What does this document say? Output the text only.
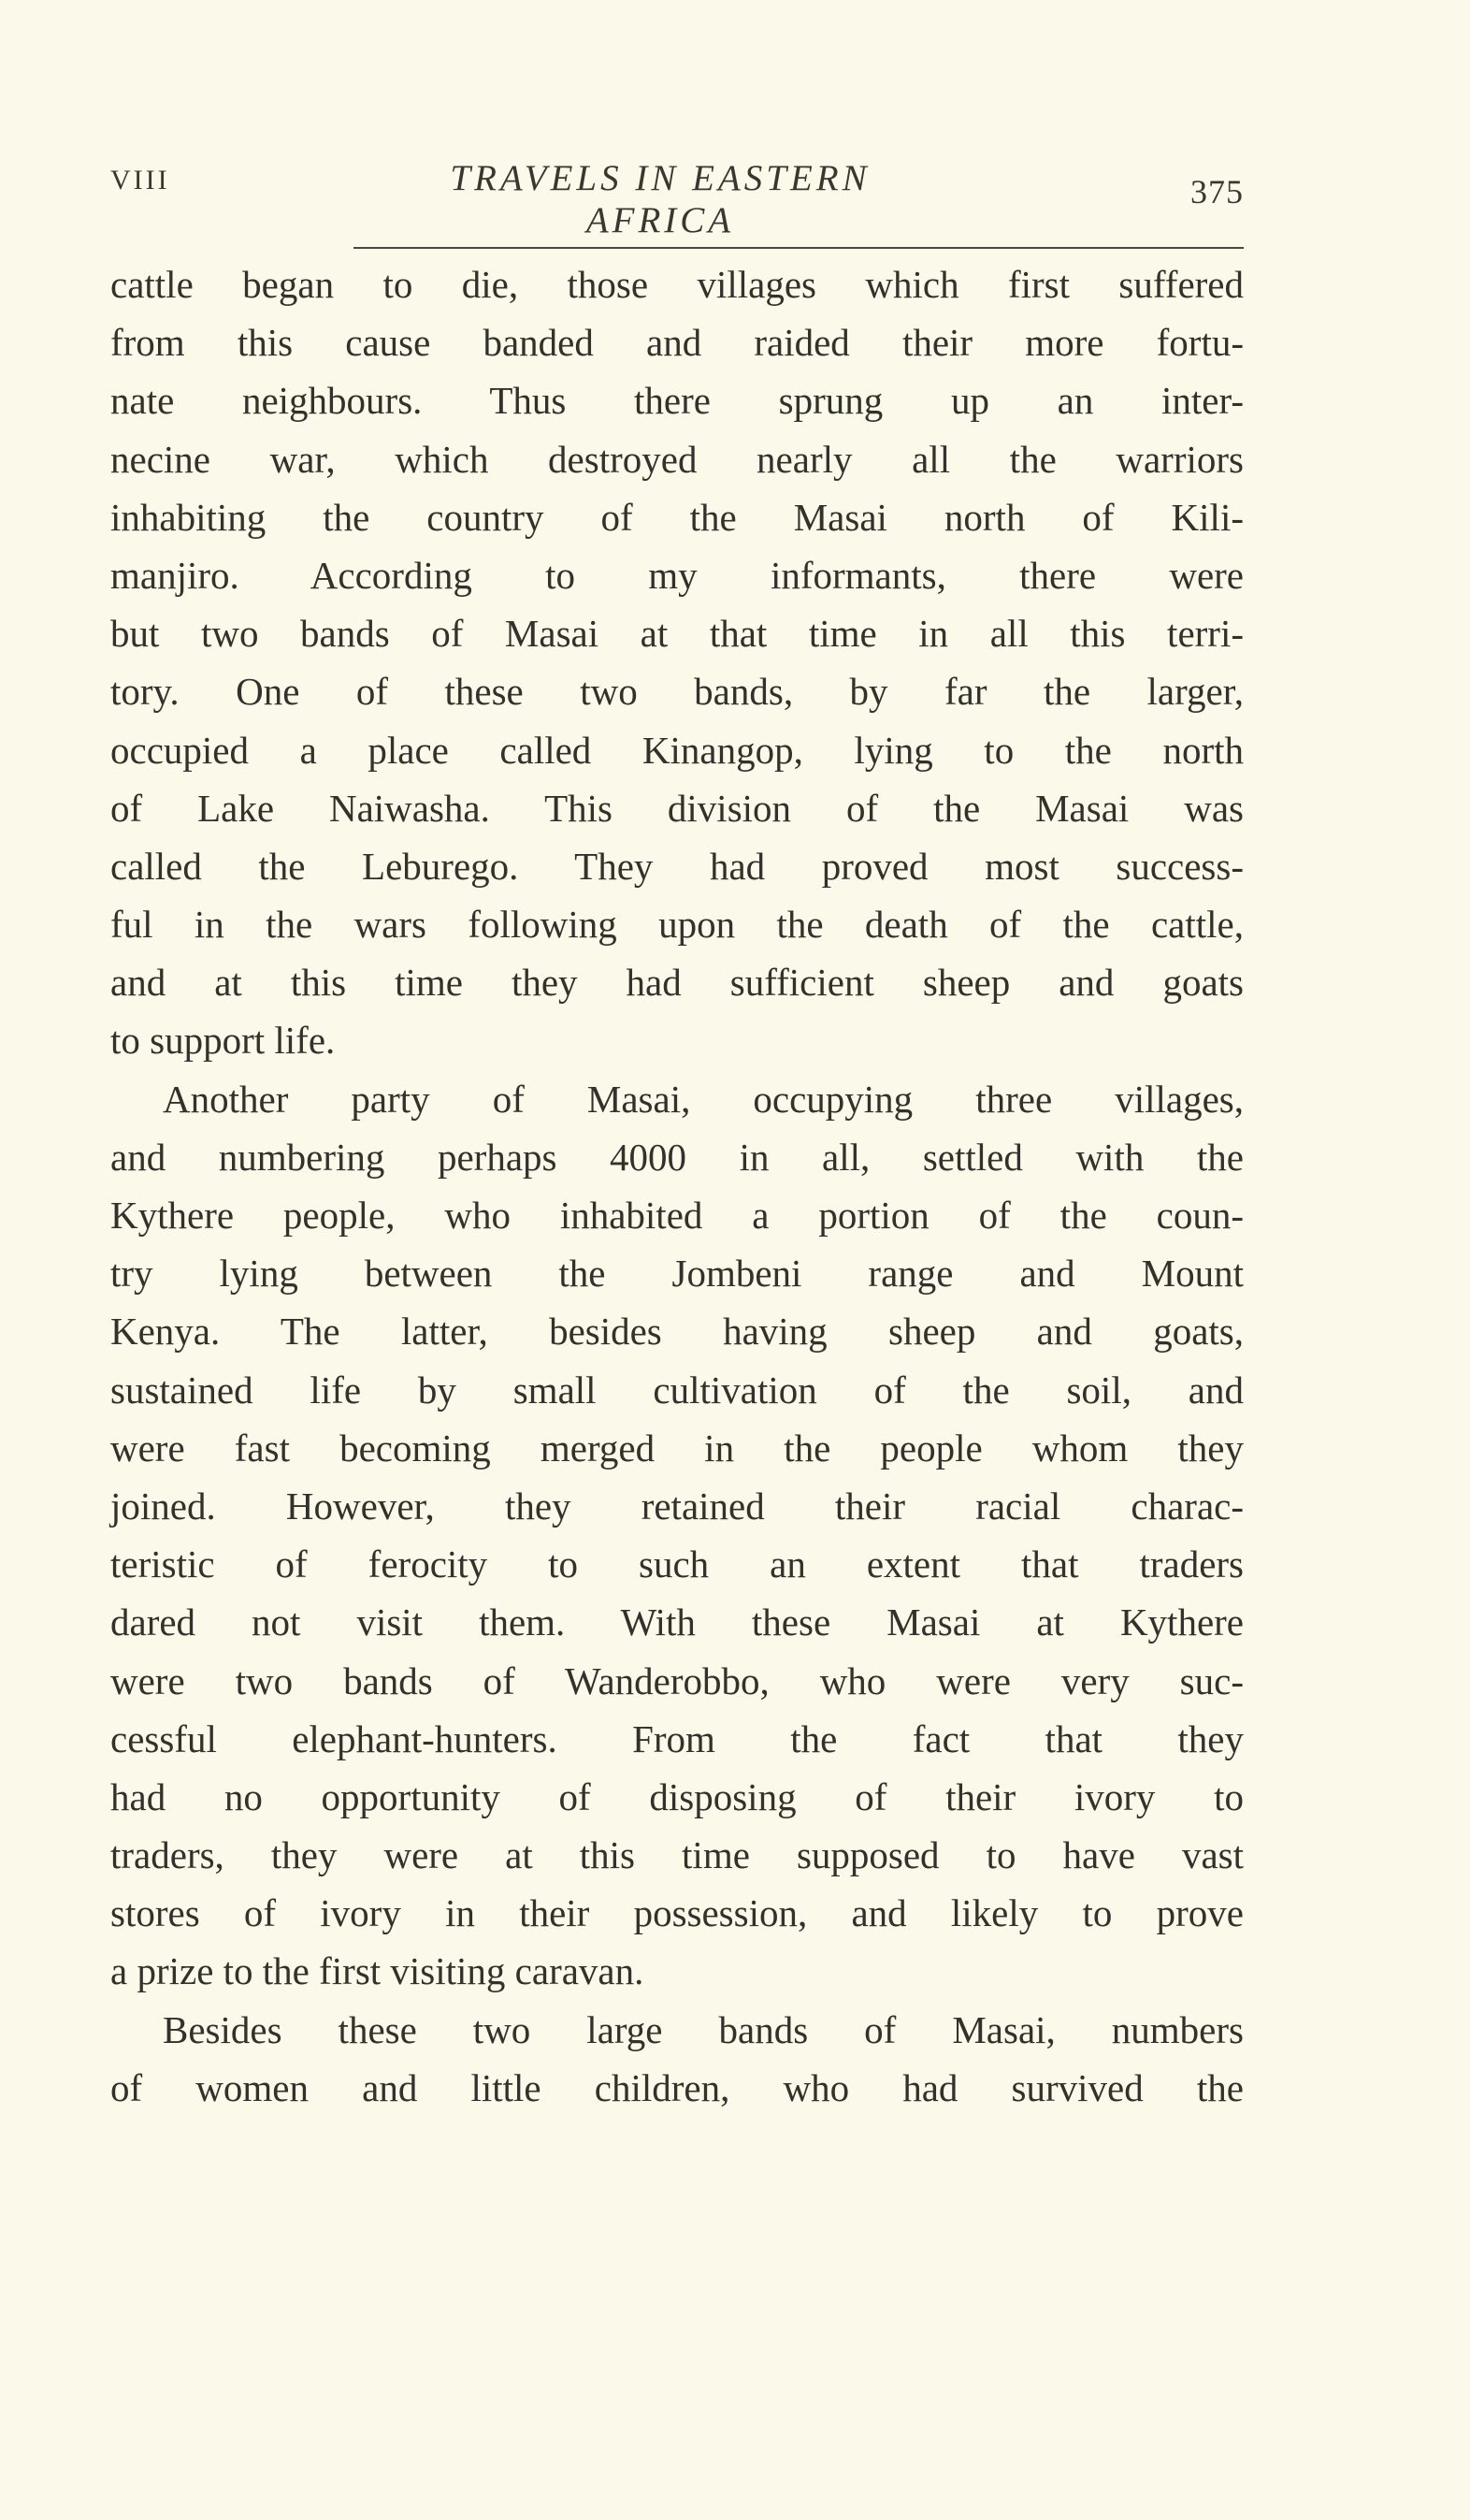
VIII	TRAVELS IN EASTERN AFRICA
375
cattle began to die, those villages which first suffered
from this cause banded and raided their more fortu-
nate neighbours. Thus there sprung up an inter-
necine war, which destroyed nearly all the warriors
inhabiting the country of the Masai north of Kili-
manjiro. According to my informants, there were
but two bands of Masai at that time in all this terri-
tory. One of these two bands, by far the larger,
occupied a place called Kinangop, lying to the north
of Lake Naiwasha. This division of the Masai was
called the Leburego. They had proved most success-
ful in the wars following upon the death of the cattle,
and at this time they had sufficient sheep and goats
to support life.
Another party of Masai, occupying three villages,
and numbering perhaps 4000 in all, settled with the
Kythere people, who inhabited a portion of the coun-
try lying between the Jombeni range and Mount
Kenya. The latter, besides having sheep and goats,
sustained life by small cultivation of the soil, and
were fast becoming merged in the people whom they
joined. However, they retained their racial charac-
teristic of ferocity to such an extent that traders
dared not visit them. With these Masai at Kythere
were two bands of Wanderobbo, who were very suc-
cessful elephant-hunters. From the fact that they
had no opportunity of disposing of their ivory to
traders, they were at this time supposed to have vast
stores of ivory in their possession, and likely to prove
a prize to the first visiting caravan.
Besides these two large bands of Masai, numbers
of women and little children, who had survived the
